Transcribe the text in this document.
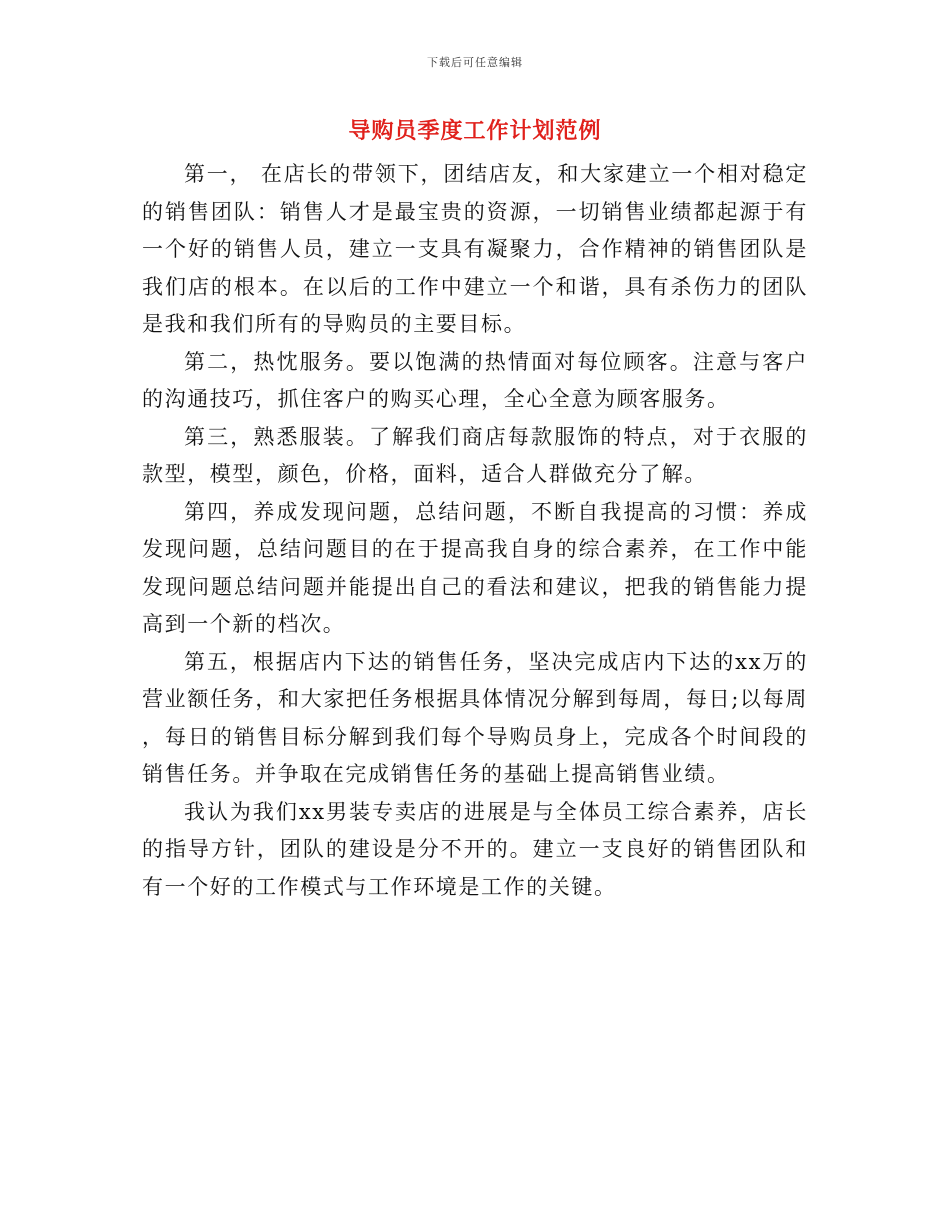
下载后可任意编辑
导购员季度工作计划范例

第一， 在店长的带领下，团结店友，和大家建立一个相对稳定的销售团队：销售人才是最宝贵的资源，一切销售业绩都起源于有一个好的销售人员，建立一支具有凝聚力，合作精神的销售团队是我们店的根本。在以后的工作中建立一个和谐，具有杀伤力的团队是我和我们所有的导购员的主要目标。

第二，热忱服务。要以饱满的热情面对每位顾客。注意与客户的沟通技巧，抓住客户的购买心理，全心全意为顾客服务。

第三，熟悉服装。了解我们商店每款服饰的特点，对于衣服的款型，模型，颜色，价格，面料，适合人群做充分了解。

第四，养成发现问题，总结问题，不断自我提高的习惯：养成发现问题，总结问题目的在于提高我自身的综合素养，在工作中能发现问题总结问题并能提出自己的看法和建议，把我的销售能力提高到一个新的档次。

第五，根据店内下达的销售任务，坚决完成店内下达的xx万的营业额任务，和大家把任务根据具体情况分解到每周，每日;以每周 ，每日的销售目标分解到我们每个导购员身上，完成各个时间段的销售任务。并争取在完成销售任务的基础上提高销售业绩。

我认为我们xx男装专卖店的进展是与全体员工综合素养，店长的指导方针，团队的建设是分不开的。建立一支良好的销售团队和有一个好的工作模式与工作环境是工作的关键。
